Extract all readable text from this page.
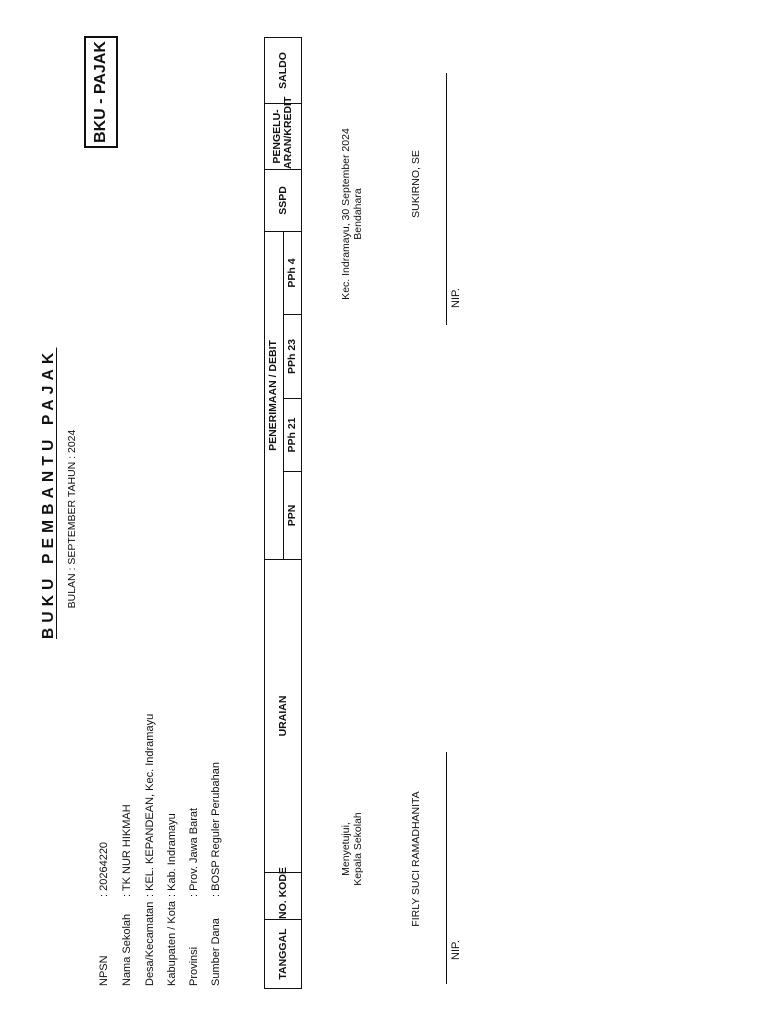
BUKU PEMBANTU PAJAK BULAN : SEPTEMBER TAHUN : 2024
BKU - PAJAK
NPSN
: 20264220
Nama Sekolah
: TK NUR HIKMAH
Desa/Kecamatan
: KEL. KEPANDEAN, Kec. Indramayu
Kabupaten / Kota
: Kab. Indramayu
Provinsi
: Prov. Jawa Barat
Sumber Dana
: BOSP Reguler Perubahan
TANGGAL	NO. KODE	URAIAN	PENERIMAAN / DEBIT				SSPD	PENGELU-
ARAN/KREDIT	SALDO
			PPN	PPh 21	PPh 23	PPh 4			
Menyetujui, Kepala Sekolah	FIRLY SUCI RAMADHANITA
NIP.
Kec. Indramayu, 30 September 2024 Bendahara	SUKIRNO, SE
NIP.
